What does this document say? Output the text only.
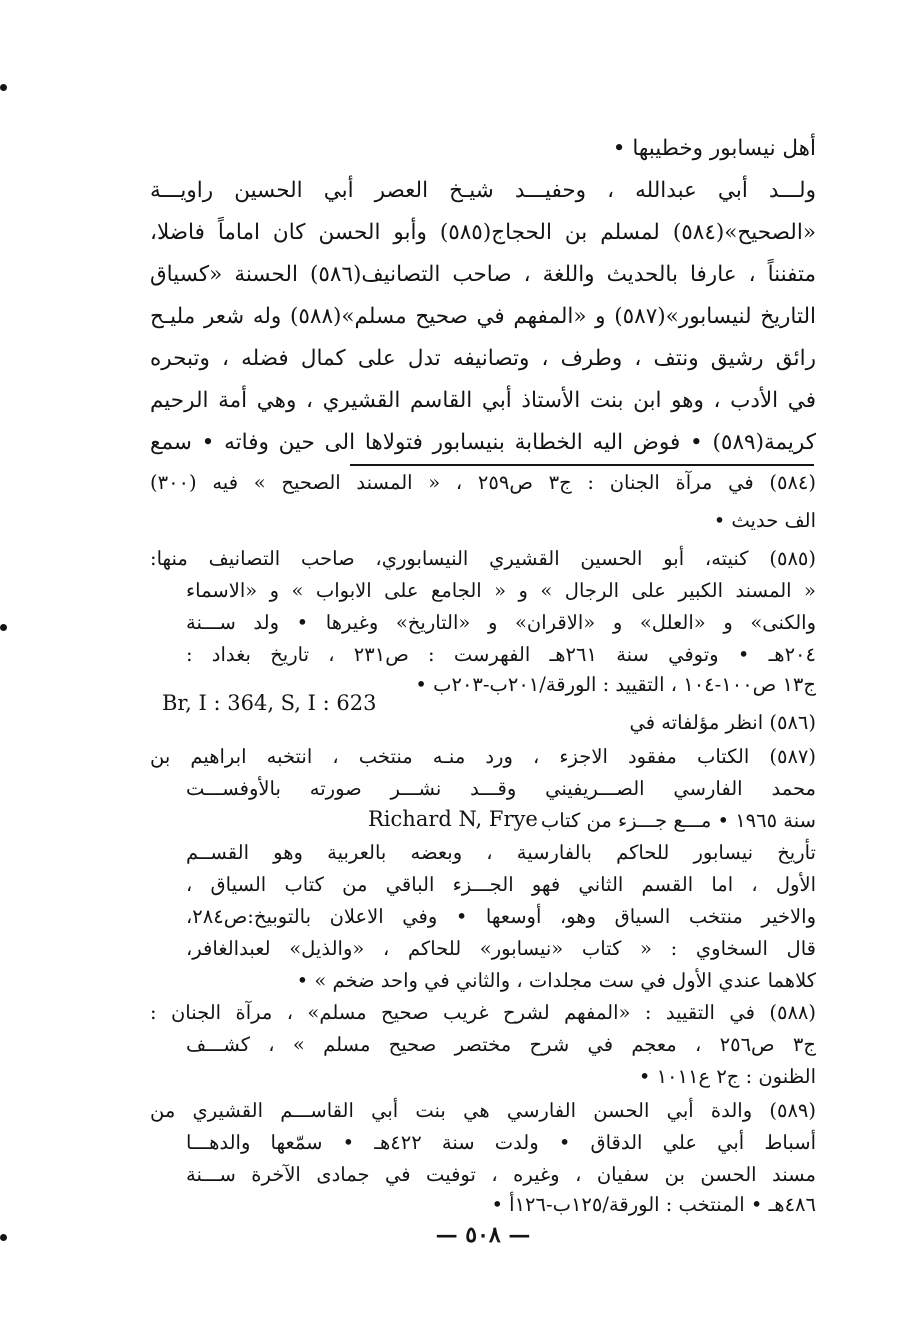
أهل نيسابور وخطيبها •
ولـــد أبي عبدالله ، وحفيـــد شيـخ العصر أبي الحسين راويـــة
«الصحيح»(٥٨٤) لمسلم بن الحجاج(٥٨٥) وأبو الحسن كان اماماً فاضلا،
متفنناً ، عارفا بالحديث واللغة ، صاحب التصانيف(٥٨٦) الحسنة «كسياق
التاريخ لنيسابور»(٥٨٧) و «المفهم في صحيح مسلم»(٥٨٨) وله شعر مليـح
رائق رشيق ونتف ، وطرف ، وتصانيفه تدل على كمال فضله ، وتبحره
في الأدب ، وهو ابن بنت الأستاذ أبي القاسم القشيري ، وهي أمة الرحيم
كريمة(٥٨٩) • فوض اليه الخطابة بنيسابور فتولاها الى حين وفاته • سمع
(٥٨٤) في مرآة الجنان : ج٣ ص٢٥٩ ، « المسند الصحيح » فيه (٣٠٠)
الف حديث •
(٥٨٥) كنيته، أبو الحسين القشيري النيسابوري، صاحب التصانيف منها:
« المسند الكبير على الرجال » و « الجامع على الابواب » و «الاسماء
والكنى» و «العلل» و «الاقران» و «التاريخ» وغيرها • ولد ســـنة
٢٠٤هـ • وتوفي سنة ٢٦١هـ الفهرست : ص٢٣١ ، تاريخ بغداد :
ج١٣ ص١٠٠-١٠٤ ، التقييد : الورقة/٢٠١ب-٢٠٣ب •
Br, I : 364, S, I : 623
(٥٨٦) انظر مؤلفاته في
(٥٨٧) الكتاب مفقود الاجزء ، ورد منـه منتخب ، انتخبه ابراهيم بن
محمد الفارسي الصـــريفيني وقـــد نشـــر صورته بالأوفســـت
سنة ١٩٦٥ • مـــع جـــزء من كتاب
Richard N, Frye
تأريخ نيسابور للحاكم بالفارسية ، وبعضه بالعربية وهو القســم
الأول ، اما القسم الثاني فهو الجـــزء الباقي من كتاب السياق ،
والاخير منتخب السياق وهو، أوسعها • وفي الاعلان بالتوبيخ:ص٢٨٤،
قال السخاوي : « كتاب «نيسابور» للحاكم ، «والذيل» لعبدالغافر،
كلاهما عندي الأول في ست مجلدات ، والثاني في واحد ضخم » •
(٥٨٨) في التقييد : «المفهم لشرح غريب صحيح مسلم» ، مرآة الجنان :
ج٣ ص٢٥٦ ، معجم في شرح مختصر صحيح مسلم » ، كشـــف
الظنون : ج٢ ع١٠١١ •
(٥٨٩) والدة أبي الحسن الفارسي هي بنت أبي القاســـم القشيري من
أسباط أبي علي الدقاق • ولدت سنة ٤٢٢هـ • سمّعها والدهـــا
مسند الحسن بن سفيان ، وغيره ، توفيت في جمادى الآخرة ســـنة
٤٨٦هـ • المنتخب : الورقة/١٢٥ب-١٢٦أ •
— ٥٠٨ —
